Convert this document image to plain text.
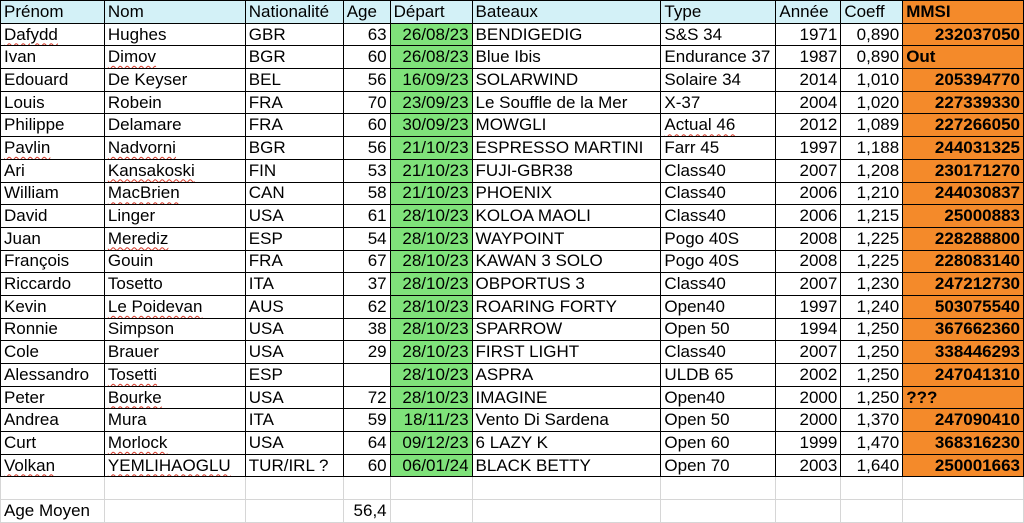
Prénom	Nom	Nationalité	Age	Départ	Bateaux	Type	Année	Coeff	MMSI
Dafydd	Hughes	GBR	63	26/08/23	BENDIGEDIG	S&S 34	1971	0,890	232037050
Ivan	Dimov	BGR	60	26/08/23	Blue Ibis	Endurance 37	1987	0,890	Out
Edouard	De Keyser	BEL	56	16/09/23	SOLARWIND	Solaire 34	2014	1,010	205394770
Louis	Robein	FRA	70	23/09/23	Le Souffle de la Mer	X-37	2004	1,020	227339330
Philippe	Delamare	FRA	60	30/09/23	MOWGLI	Actual 46	2012	1,089	227266050
Pavlin	Nadvorni	BGR	56	21/10/23	ESPRESSO MARTINI	Farr 45	1997	1,188	244031325
Ari	Kansakoski	FIN	53	21/10/23	FUJI-GBR38	Class40	2007	1,208	230171270
William	MacBrien	CAN	58	21/10/23	PHOENIX	Class40	2006	1,210	244030837
David	Linger	USA	61	28/10/23	KOLOA MAOLI	Class40	2006	1,215	25000883
Juan	Merediz	ESP	54	28/10/23	WAYPOINT	Pogo 40S	2008	1,225	228288800
François	Gouin	FRA	67	28/10/23	KAWAN 3 SOLO	Pogo 40S	2008	1,225	228083140
Riccardo	Tosetto	ITA	37	28/10/23	OBPORTUS 3	Class40	2007	1,230	247212730
Kevin	Le Poidevan	AUS	62	28/10/23	ROARING FORTY	Open40	1997	1,240	503075540
Ronnie	Simpson	USA	38	28/10/23	SPARROW	Open 50	1994	1,250	367662360
Cole	Brauer	USA	29	28/10/23	FIRST LIGHT	Class40	2007	1,250	338446293
Alessandro	Tosetti	ESP		28/10/23	ASPRA	ULDB 65	2002	1,250	247041310
Peter	Bourke	USA	72	28/10/23	IMAGINE	Open40	2000	1,250	???
Andrea	Mura	ITA	59	18/11/23	Vento Di Sardena	Open 50	2000	1,370	247090410
Curt	Morlock	USA	64	09/12/23	6 LAZY K	Open 60	1999	1,470	368316230
Volkan	YEMLIHAOGLU	TUR/IRL ?	60	06/01/24	BLACK BETTY	Open 70	2003	1,640	250001663

Age Moyen			56,4						
